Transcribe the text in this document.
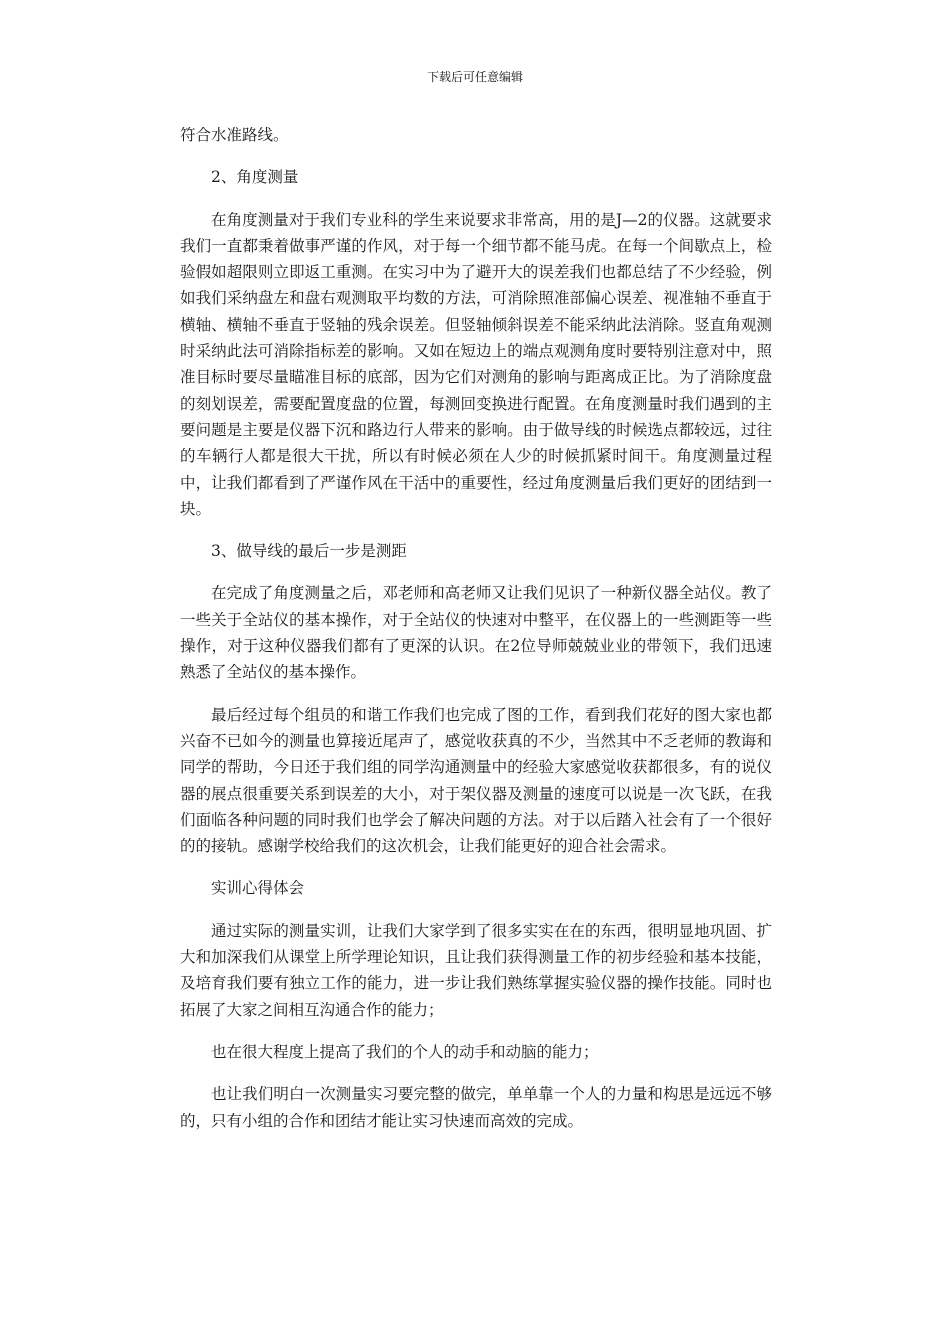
下载后可任意编辑

符合水准路线。

2、角度测量

在角度测量对于我们专业科的学生来说要求非常高，用的是J—2的仪器。这就要求我们一直都秉着做事严谨的作风，对于每一个细节都不能马虎。在每一个间歇点上，检验假如超限则立即返工重测。在实习中为了避开大的误差我们也都总结了不少经验，例如我们采纳盘左和盘右观测取平均数的方法，可消除照准部偏心误差、视准轴不垂直于横轴、横轴不垂直于竖轴的残余误差。但竖轴倾斜误差不能采纳此法消除。竖直角观测时采纳此法可消除指标差的影响。又如在短边上的端点观测角度时要特别注意对中，照准目标时要尽量瞄准目标的底部，因为它们对测角的影响与距离成正比。为了消除度盘的刻划误差，需要配置度盘的位置，每测回变换进行配置。在角度测量时我们遇到的主要问题是主要是仪器下沉和路边行人带来的影响。由于做导线的时候选点都较远，过往的车辆行人都是很大干扰，所以有时候必须在人少的时候抓紧时间干。角度测量过程中，让我们都看到了严谨作风在干活中的重要性，经过角度测量后我们更好的团结到一块。

3、做导线的最后一步是测距

在完成了角度测量之后，邓老师和高老师又让我们见识了一种新仪器全站仪。教了一些关于全站仪的基本操作，对于全站仪的快速对中整平，在仪器上的一些测距等一些操作，对于这种仪器我们都有了更深的认识。在2位导师兢兢业业的带领下，我们迅速熟悉了全站仪的基本操作。

最后经过每个组员的和谐工作我们也完成了图的工作，看到我们花好的图大家也都兴奋不已如今的测量也算接近尾声了，感觉收获真的不少，当然其中不乏老师的教诲和同学的帮助，今日还于我们组的同学沟通测量中的经验大家感觉收获都很多，有的说仪器的展点很重要关系到误差的大小，对于架仪器及测量的速度可以说是一次飞跃，在我们面临各种问题的同时我们也学会了解决问题的方法。对于以后踏入社会有了一个很好的的接轨。感谢学校给我们的这次机会，让我们能更好的迎合社会需求。

实训心得体会

通过实际的测量实训，让我们大家学到了很多实实在在的东西，很明显地巩固、扩大和加深我们从课堂上所学理论知识，且让我们获得测量工作的初步经验和基本技能，及培育我们要有独立工作的能力，进一步让我们熟练掌握实验仪器的操作技能。同时也拓展了大家之间相互沟通合作的能力；

也在很大程度上提高了我们的个人的动手和动脑的能力；

也让我们明白一次测量实习要完整的做完，单单靠一个人的力量和构思是远远不够的，只有小组的合作和团结才能让实习快速而高效的完成。
